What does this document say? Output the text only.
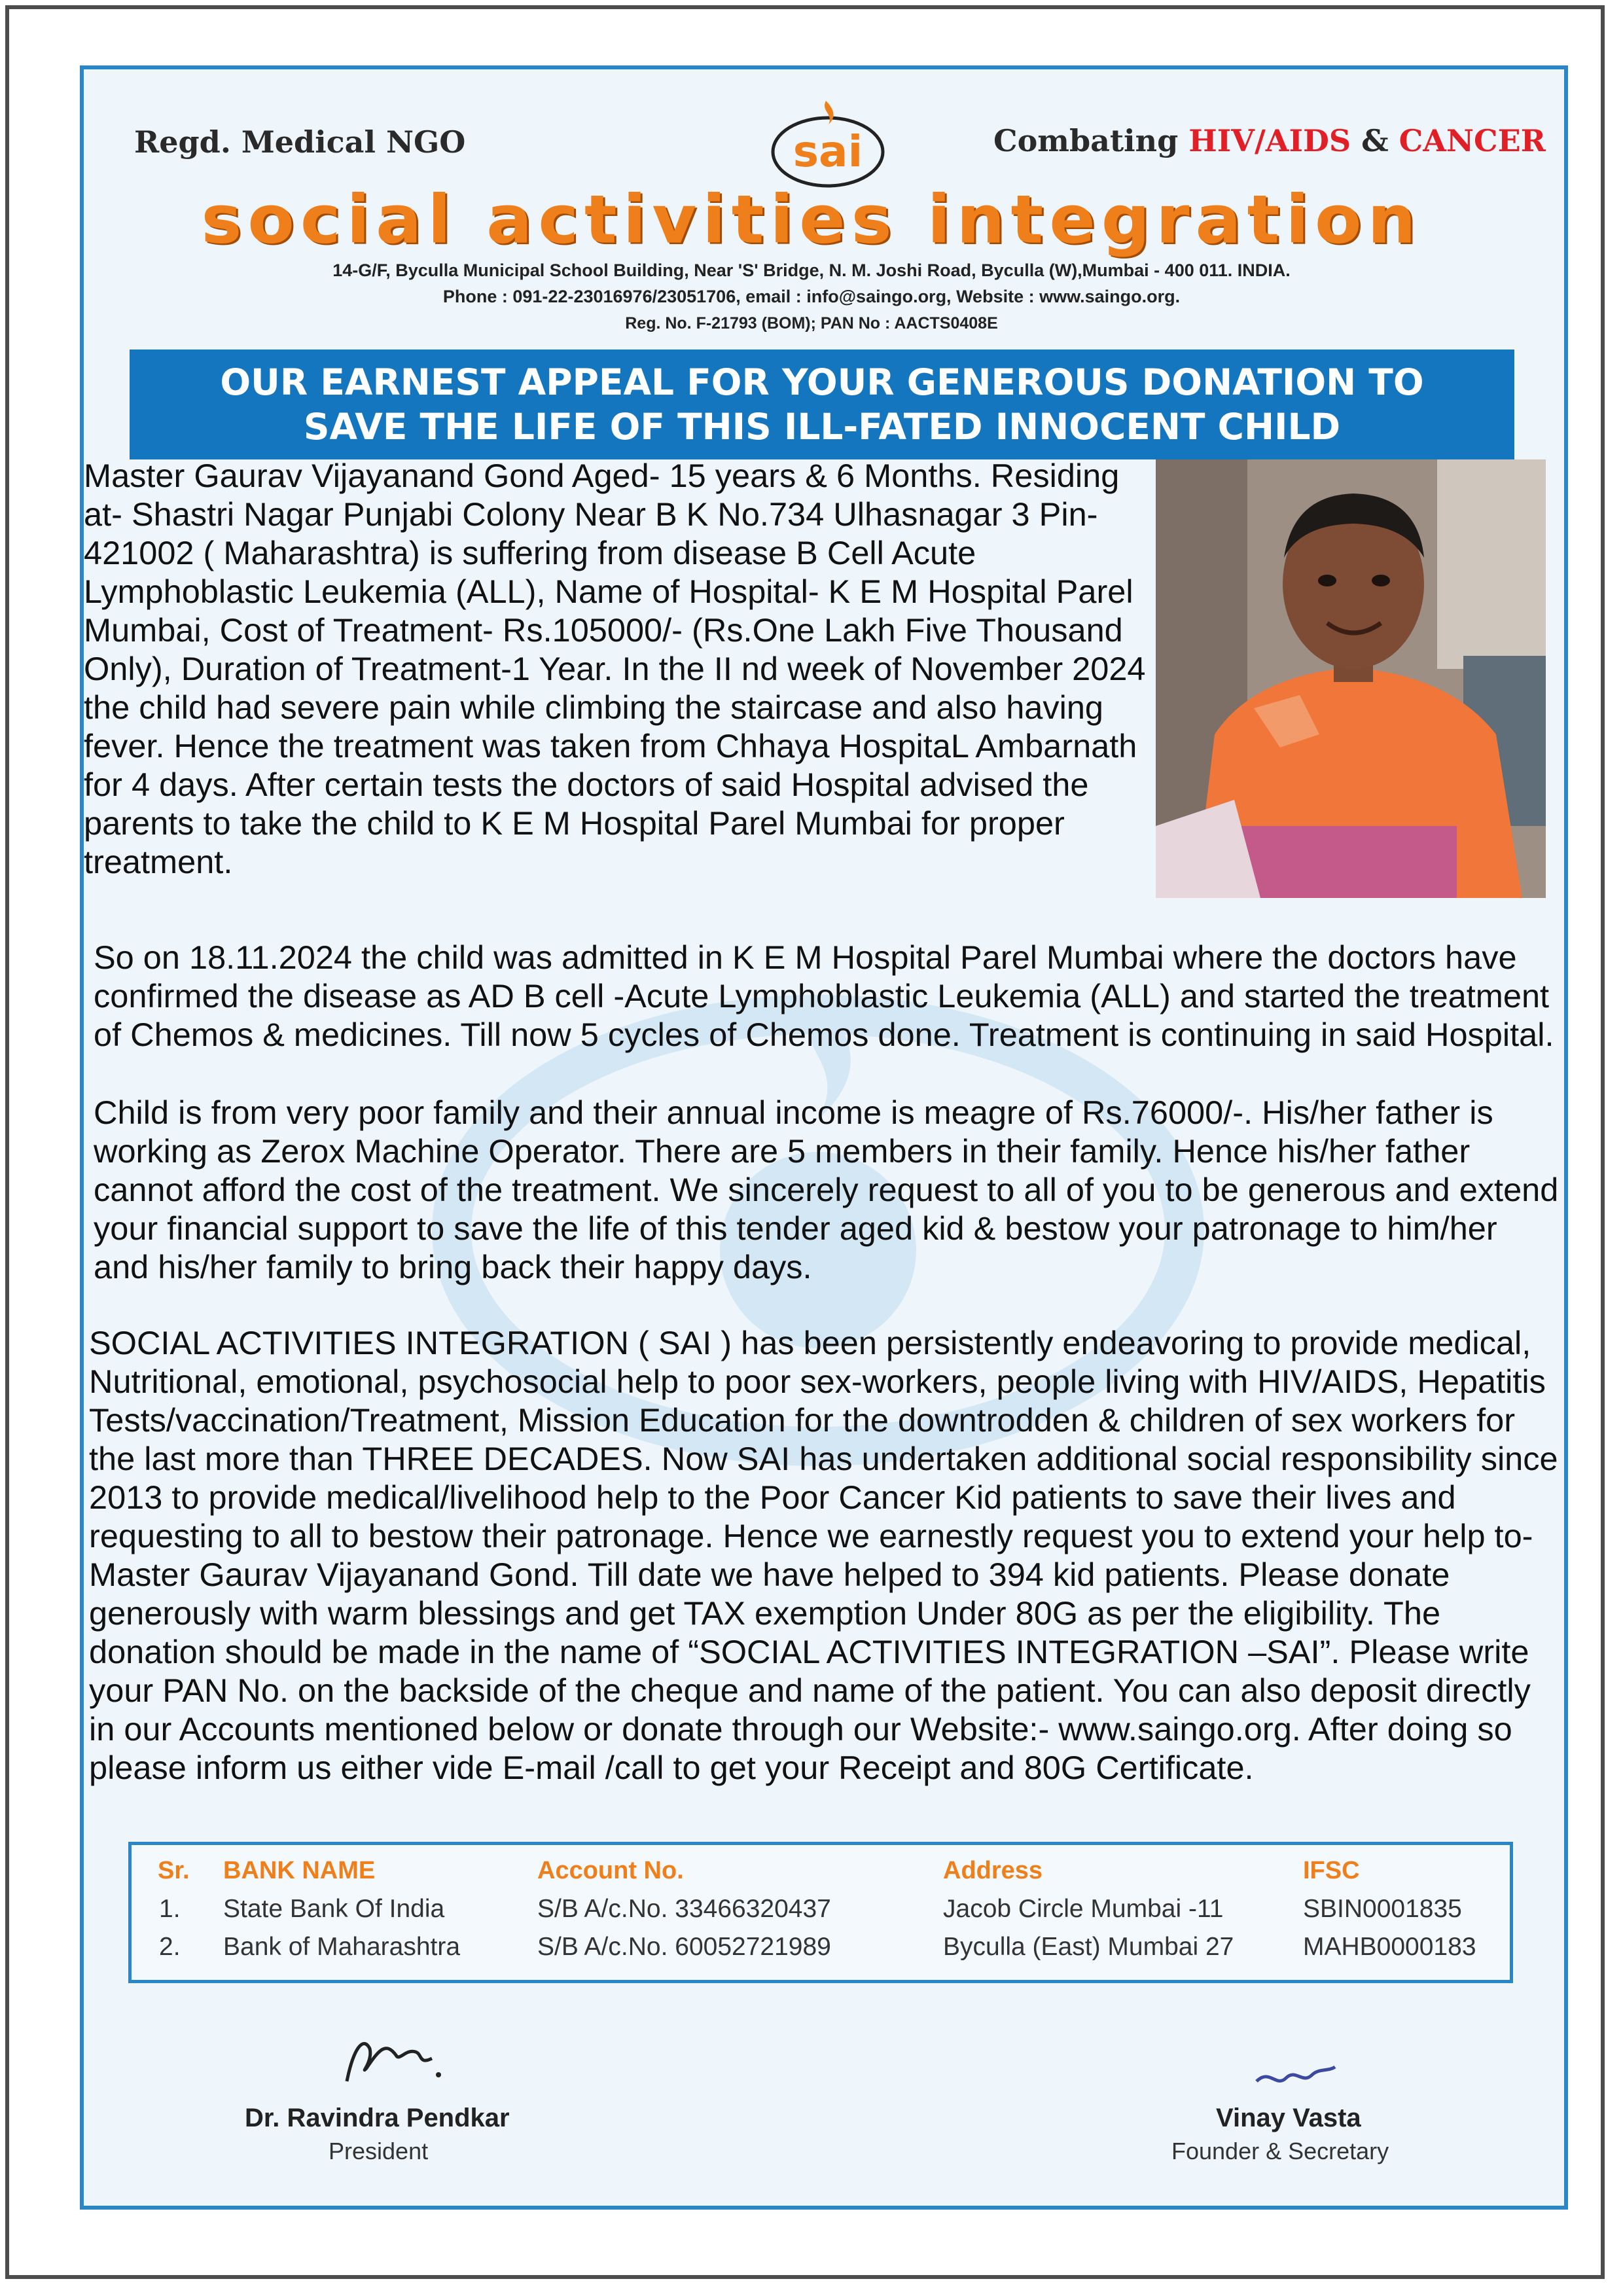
Regd. Medical NGO	Combating HIV/AIDS & CANCER
sai
social activities integration
14-G/F, Byculla Municipal School Building, Near 'S' Bridge, N. M. Joshi Road, Byculla (W),Mumbai - 400 011. INDIA.
Phone : 091-22-23016976/23051706, email : info@saingo.org, Website : www.saingo.org.
Reg. No. F-21793 (BOM); PAN No : AACTS0408E
OUR EARNEST APPEAL FOR YOUR GENEROUS DONATION TO
SAVE THE LIFE OF THIS ILL-FATED INNOCENT CHILD
Master Gaurav Vijayanand Gond Aged- 15 years & 6 Months. Residing at- Shastri Nagar Punjabi Colony Near B K No.734 Ulhasnagar 3 Pin-421002 ( Maharashtra) is suffering from disease B Cell Acute Lymphoblastic Leukemia (ALL), Name of Hospital- K E M Hospital Parel Mumbai, Cost of Treatment- Rs.105000/- (Rs.One Lakh Five Thousand Only), Duration of Treatment-1 Year. In the II nd week of November 2024 the child had severe pain while climbing the staircase and also having fever. Hence the treatment was taken from Chhaya HospitaL Ambarnath for 4 days. After certain tests the doctors of said Hospital advised the parents to take the child to K E M Hospital Parel Mumbai for proper treatment.
So on 18.11.2024 the child was admitted in K E M Hospital Parel Mumbai where the doctors have confirmed the disease as AD B cell -Acute Lymphoblastic Leukemia (ALL) and started the treatment of Chemos & medicines. Till now 5 cycles of Chemos done. Treatment is continuing in said Hospital.
Child is from very poor family and their annual income is meagre of Rs.76000/-. His/her father is working as Zerox Machine Operator. There are 5 members in their family. Hence his/her father cannot afford the cost of the treatment. We sincerely request to all of you to be generous and extend your financial support to save the life of this tender aged kid & bestow your patronage to him/her and his/her family to bring back their happy days.
SOCIAL ACTIVITIES INTEGRATION ( SAI ) has been persistently endeavoring to provide medical, Nutritional, emotional, psychosocial help to poor sex-workers, people living with HIV/AIDS, Hepatitis Tests/vaccination/Treatment, Mission Education for the downtrodden & children of sex workers for the last more than THREE DECADES. Now SAI has undertaken additional social responsibility since 2013 to provide medical/livelihood help to the Poor Cancer Kid patients to save their lives and requesting to all to bestow their patronage. Hence we earnestly request you to extend your help to- Master Gaurav Vijayanand Gond. Till date we have helped to 394 kid patients. Please donate generously with warm blessings and get TAX exemption Under 80G as per the eligibility. The donation should be made in the name of “SOCIAL ACTIVITIES INTEGRATION –SAI”. Please write your PAN No. on the backside of the cheque and name of the patient. You can also deposit directly in our Accounts mentioned below or donate through our Website:- www.saingo.org. After doing so please inform us either vide E-mail /call to get your Receipt and 80G Certificate.
Sr. BANK NAME	Account No.	Address	IFSC
1. State Bank Of India	S/B A/c.No. 33466320437	Jacob Circle Mumbai -11	SBIN0001835
2. Bank of Maharashtra	S/B A/c.No. 60052721989	Byculla (East) Mumbai 27	MAHB0000183
Dr. Ravindra Pendkar
President
Vinay Vasta
Founder & Secretary
